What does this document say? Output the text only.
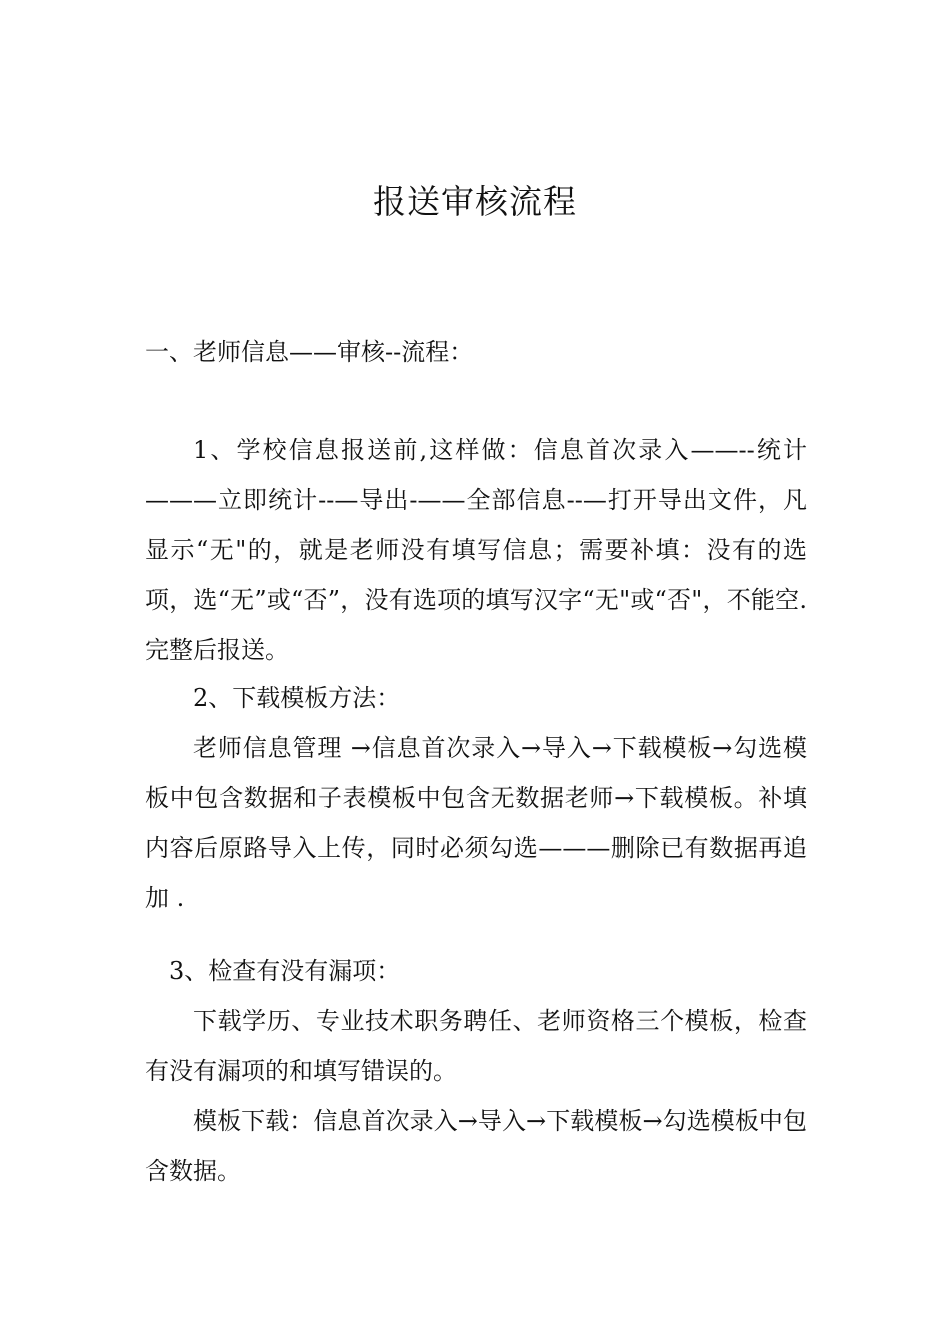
报送审核流程

一、老师信息——审核--流程：

1、学校信息报送前,这样做：信息首次录入——--统计———立即统计--—导出-——全部信息--—打开导出文件，凡显示“无"的，就是老师没有填写信息；需要补填：没有的选项，选“无”或“否”，没有选项的填写汉字“无"或“否"，不能空.完整后报送。

2、下载模板方法：

老师信息管理 →信息首次录入→导入→下载模板→勾选模板中包含数据和子表模板中包含无数据老师→下载模板。补填内容后原路导入上传，同时必须勾选———删除已有数据再追加 .

3、检查有没有漏项：

下载学历、专业技术职务聘任、老师资格三个模板，检查有没有漏项的和填写错误的。

模板下载：信息首次录入→导入→下载模板→勾选模板中包含数据。
